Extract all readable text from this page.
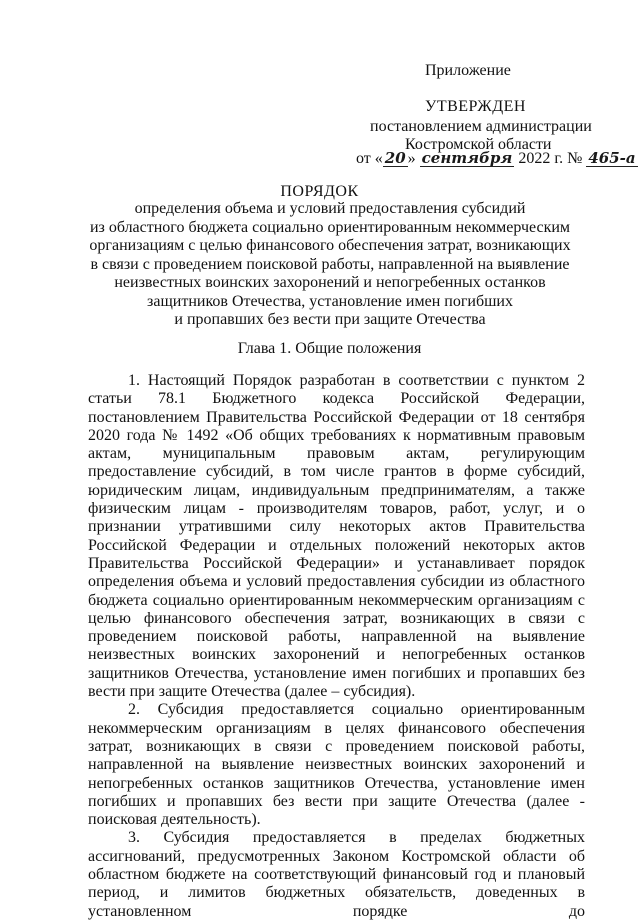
Приложение
УТВЕРЖДЕН
постановлением администрации
Костромской области
от « 20 » сентября 2022 г. № 465-а
ПОРЯДОК
определения объема и условий предоставления субсидий
из областного бюджета социально ориентированным некоммерческим
организациям с целью финансового обеспечения затрат, возникающих
в связи с проведением поисковой работы, направленной на выявление
неизвестных воинских захоронений и непогребенных останков
защитников Отечества, установление имен погибших
и пропавших без вести при защите Отечества
Глава 1. Общие положения

1. Настоящий Порядок разработан в соответствии с пунктом 2 статьи 78.1 Бюджетного кодекса Российской Федерации, постановлением Правительства Российской Федерации от 18 сентября 2020 года № 1492 «Об общих требованиях к нормативным правовым актам, муниципальным правовым актам, регулирующим предоставление субсидий, в том числе грантов в форме субсидий, юридическим лицам, индивидуальным предпринимателям, а также физическим лицам - производителям товаров, работ, услуг, и о признании утратившими силу некоторых актов Правительства Российской Федерации и отдельных положений некоторых актов Правительства Российской Федерации» и устанавливает порядок определения объема и условий предоставления субсидии из областного бюджета социально ориентированным некоммерческим организациям с целью финансового обеспечения затрат, возникающих в связи с проведением поисковой работы, направленной на выявление неизвестных воинских захоронений и непогребенных останков защитников Отечества, установление имен погибших и пропавших без вести при защите Отечества (далее – субсидия).

2. Субсидия предоставляется социально ориентированным некоммерческим организациям в целях финансового обеспечения затрат, возникающих в связи с проведением поисковой работы, направленной на выявление неизвестных воинских захоронений и непогребенных останков защитников Отечества, установление имен погибших и пропавших без вести при защите Отечества (далее - поисковая деятельность).

3. Субсидия предоставляется в пределах бюджетных ассигнований, предусмотренных Законом Костромской области об областном бюджете на соответствующий финансовый год и плановый период, и лимитов бюджетных обязательств, доведенных в установленном порядке до
